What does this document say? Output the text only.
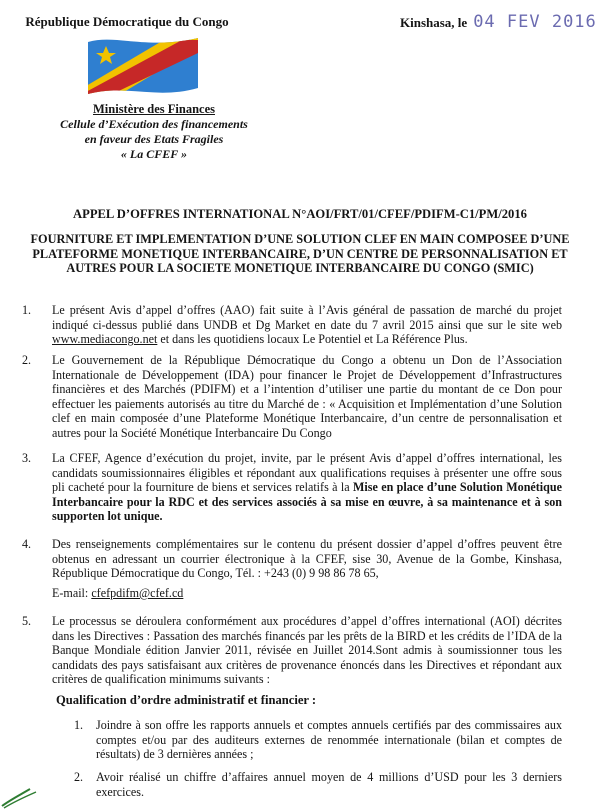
République Démocratique du Congo
Ministère des Finances
Cellule d’Exécution des financements
en faveur des Etats Fragiles
« La CFEF »
Kinshasa, le 04 FEV 2016
APPEL D’OFFRES INTERNATIONAL N°AOI/FRT/01/CFEF/PDIFM-C1/PM/2016
FOURNITURE ET IMPLEMENTATION D’UNE SOLUTION CLEF EN MAIN COMPOSEE D’UNE PLATEFORME MONETIQUE INTERBANCAIRE, D’UN CENTRE DE PERSONNALISATION ET AUTRES POUR LA SOCIETE MONETIQUE INTERBANCAIRE DU CONGO (SMIC)
1. Le présent Avis d’appel d’offres (AAO) fait suite à l’Avis général de passation de marché du projet indiqué ci-dessus publié dans UNDB et Dg Market en date du 7 avril 2015 ainsi que sur le site web www.mediacongo.net et dans les quotidiens locaux Le Potentiel et La Référence Plus.
2. Le Gouvernement de la République Démocratique du Congo a obtenu un Don de l’Association Internationale de Développement (IDA) pour financer le Projet de Développement d’Infrastructures financières et des Marchés (PDIFM) et a l’intention d’utiliser une partie du montant de ce Don pour effectuer les paiements autorisés au titre du Marché de : « Acquisition et Implémentation d’une Solution clef en main composée d’une Plateforme Monétique Interbancaire, d’un centre de personnalisation et autres pour la Société Monétique Interbancaire Du Congo
3. La CFEF, Agence d’exécution du projet, invite, par le présent Avis d’appel d’offres international, les candidats soumissionnaires éligibles et répondant aux qualifications requises à présenter une offre sous pli cacheté pour la fourniture de biens et services relatifs à la Mise en place d’une Solution Monétique Interbancaire pour la RDC et des services associés à sa mise en œuvre, à sa maintenance et à son supporten lot unique.
4. Des renseignements complémentaires sur le contenu du présent dossier d’appel d’offres peuvent être obtenus en adressant un courrier électronique à la CFEF, sise 30, Avenue de la Gombe, Kinshasa, République Démocratique du Congo, Tél. : +243 (0) 9 98 86 78 65,
E-mail: cfefpdifm@cfef.cd
5. Le processus se déroulera conformément aux procédures d’appel d’offres international (AOI) décrites dans les Directives : Passation des marchés financés par les prêts de la BIRD et les crédits de l’IDA de la Banque Mondiale édition Janvier 2011, révisée en Juillet 2014.Sont admis à soumissionner tous les candidats des pays satisfaisant aux critères de provenance énoncés dans les Directives et répondant aux critères de qualification minimums suivants :
Qualification d’ordre administratif et financier :
1. Joindre à son offre les rapports annuels et comptes annuels certifiés par des commissaires aux comptes et/ou par des auditeurs externes de renommée internationale (bilan et comptes de résultats) de 3 dernières années ;
2. Avoir réalisé un chiffre d’affaires annuel moyen de 4 millions d’USD pour les 3 derniers exercices.
